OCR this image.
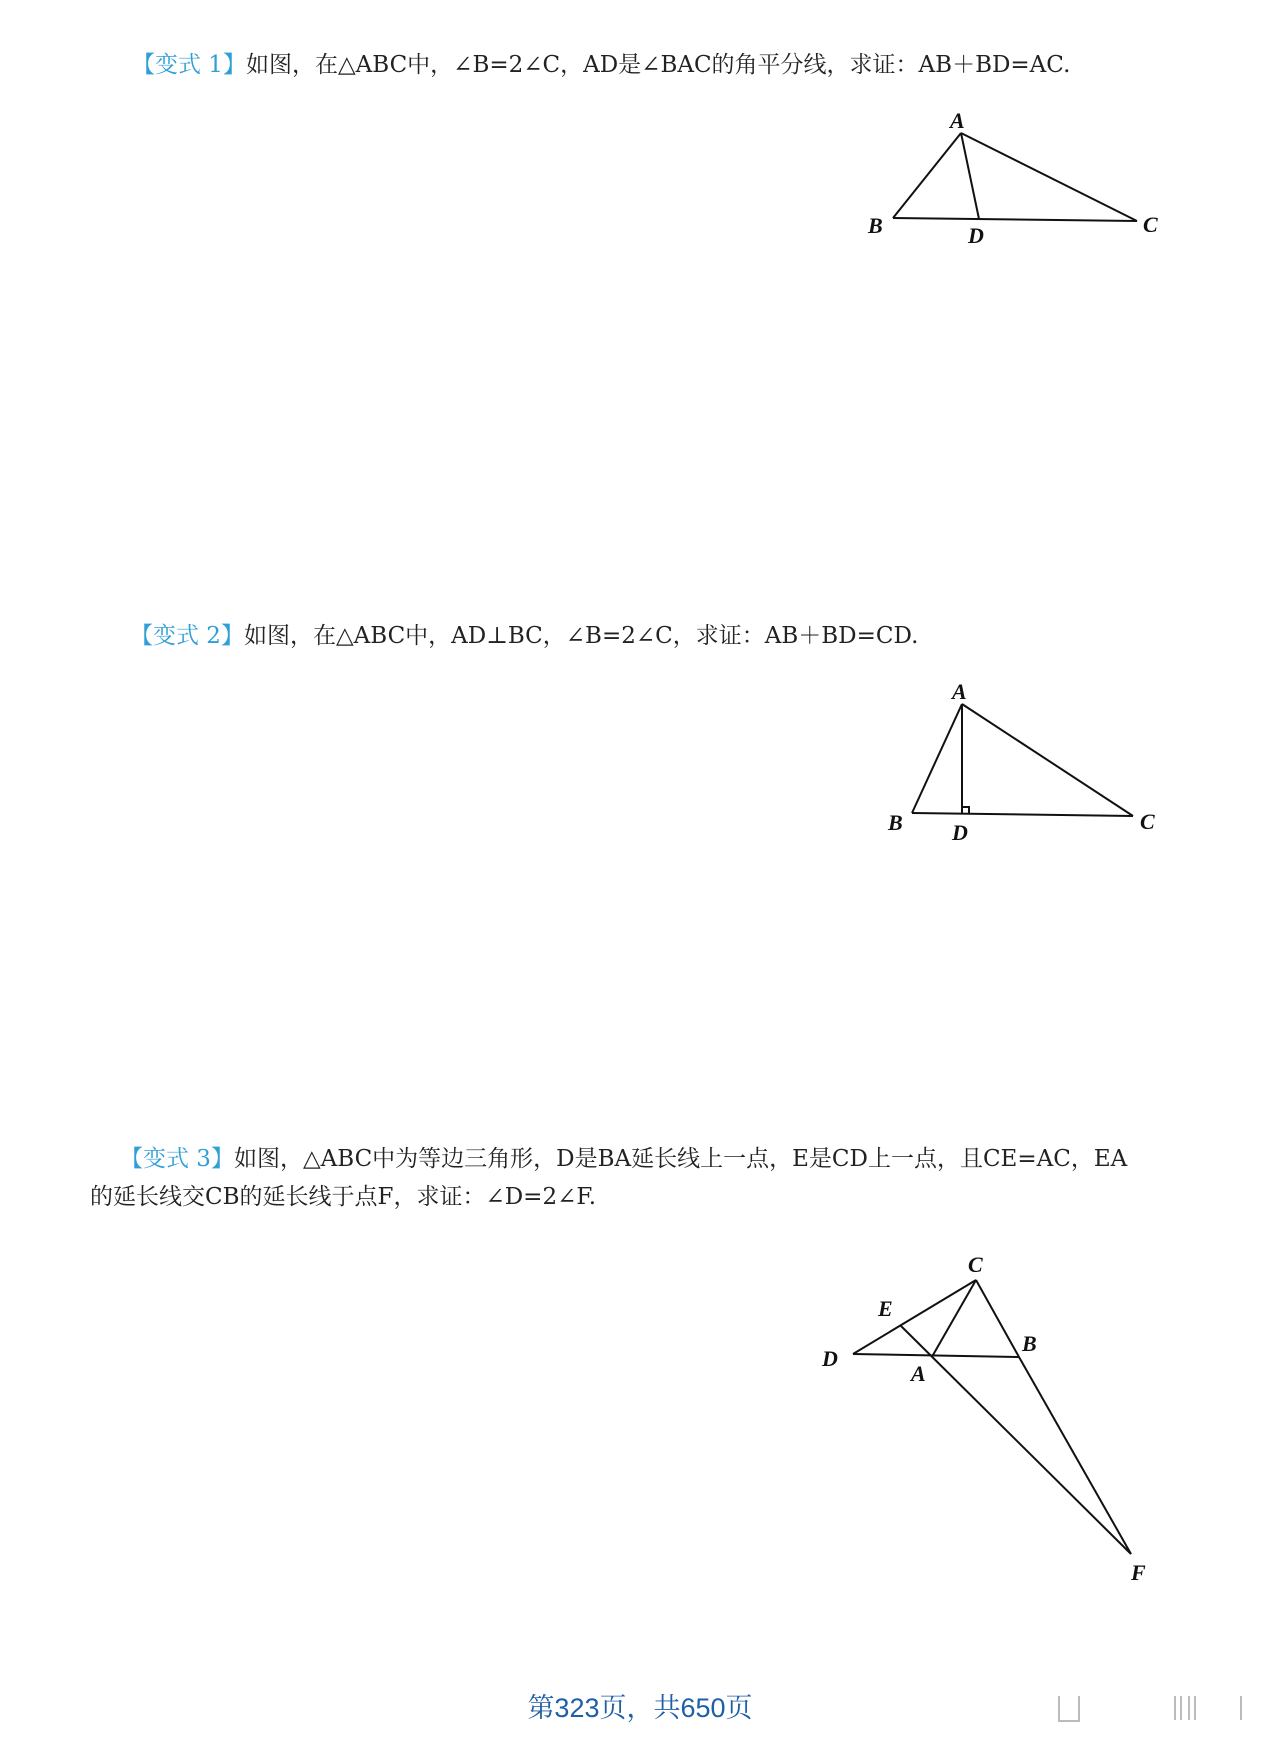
【变式 1】如图，在△ABC中，∠B=2∠C，AD是∠BAC的角平分线，求证：AB＋BD=AC.
【变式 2】如图，在△ABC中，AD⊥BC，∠B=2∠C，求证：AB＋BD=CD.
【变式 3】如图，△ABC中为等边三角形，D是BA延长线上一点，E是CD上一点，且CE=AC，EA
的延长线交CB的延长线于点F，求证：∠D=2∠F.
A
B	C
D
A
B	C
D
C
E
D
B
A
F
第323页，共650页
